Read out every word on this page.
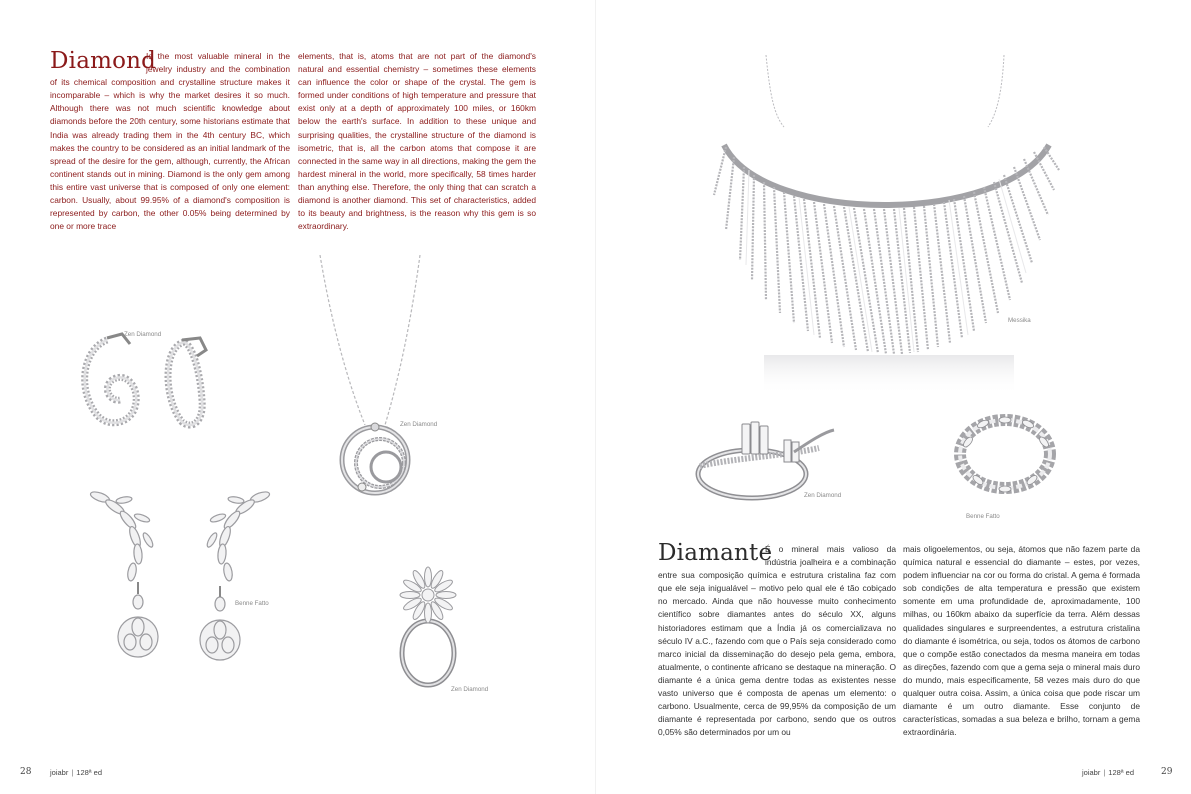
Diamond

Is the most valuable mineral in the jewelry industry and the combination of its chemical composition and crystalline structure makes it incomparable – which is why the market desires it so much. Although there was not much scientific knowledge about diamonds before the 20th century, some historians estimate that India was already trading them in the 4th century BC, which makes the country to be considered as an initial landmark of the spread of the desire for the gem, although, currently, the African continent stands out in mining. Diamond is the only gem among this entire vast universe that is composed of only one element: carbon. Usually, about 99.95% of a diamond's composition is represented by carbon, the other 0.05% being determined by one or more trace

elements, that is, atoms that are not part of the diamond's natural and essential chemistry – sometimes these elements can influence the color or shape of the crystal. The gem is formed under conditions of high temperature and pressure that exist only at a depth of approximately 100 miles, or 160km below the earth's surface. In addition to these unique and surprising qualities, the crystalline structure of the diamond is isometric, that is, all the carbon atoms that compose it are connected in the same way in all directions, making the gem the hardest mineral in the world, more specifically, 58 times harder than anything else. Therefore, the only thing that can scratch a diamond is another diamond. This set of characteristics, added to its beauty and brightness, is the reason why this gem is so extraordinary.

Zen Diamond
Zen Diamond
Benne Fatto
Zen Diamond
28 joiabr | 128ª ed
Messika
Zen Diamond
Benne Fatto
29
joiabr | 128ª ed
Diamante

É o mineral mais valioso da indústria joalheira e a combinação entre sua composição química e estrutura cristalina faz com que ele seja inigualável – motivo pelo qual ele é tão cobiçado no mercado. Ainda que não houvesse muito conhecimento científico sobre diamantes antes do século XX, alguns historiadores estimam que a Índia já os comercializava no século IV a.C., fazendo com que o País seja considerado como marco inicial da disseminação do desejo pela gema, embora, atualmente, o continente africano se destaque na mineração. O diamante é a única gema dentre todas as existentes nesse vasto universo que é composta de apenas um elemento: o carbono. Usualmente, cerca de 99,95% da composição de um diamante é representada por carbono, sendo que os outros 0,05% são determinados por um ou

mais oligoelementos, ou seja, átomos que não fazem parte da química natural e essencial do diamante – estes, por vezes, podem influenciar na cor ou forma do cristal. A gema é formada sob condições de alta temperatura e pressão que existem somente em uma profundidade de, aproximadamente, 100 milhas, ou 160km abaixo da superfície da terra. Além dessas qualidades singulares e surpreendentes, a estrutura cristalina do diamante é isométrica, ou seja, todos os átomos de carbono que o compõe estão conectados da mesma maneira em todas as direções, fazendo com que a gema seja o mineral mais duro do mundo, mais especificamente, 58 vezes mais duro do que qualquer outra coisa. Assim, a única coisa que pode riscar um diamante é um outro diamante. Esse conjunto de características, somadas a sua beleza e brilho, tornam a gema extraordinária.
